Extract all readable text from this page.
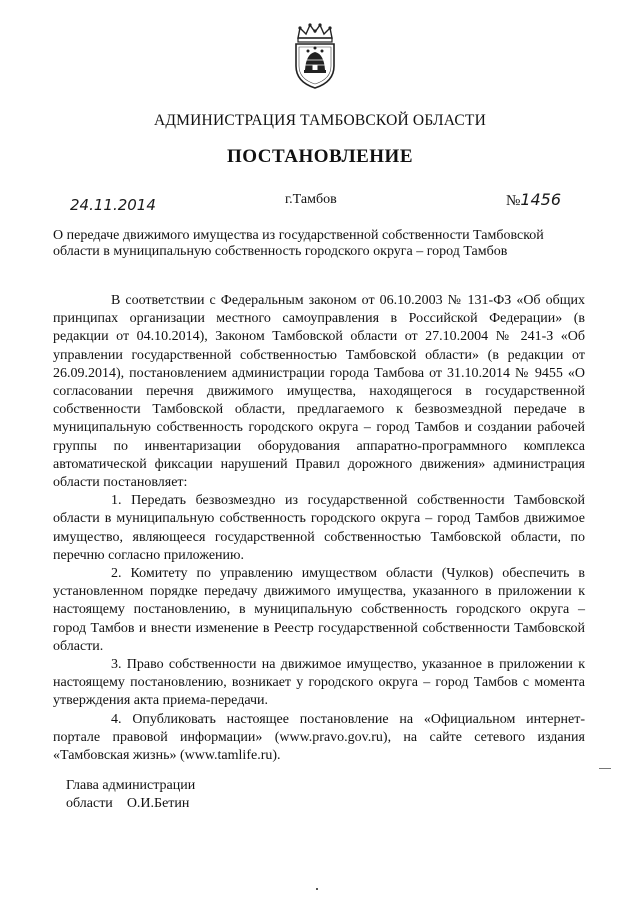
АДМИНИСТРАЦИЯ ТАМБОВСКОЙ ОБЛАСТИ
ПОСТАНОВЛЕНИЕ
24.11.2014	г.Тамбов	№1456
О передаче движимого имущества из государственной собственности Тамбовской области в муниципальную собственность городского округа – город Тамбов

В соответствии с Федеральным законом от 06.10.2003 № 131-ФЗ «Об общих принципах организации местного самоуправления в Российской Федерации» (в редакции от 04.10.2014), Законом Тамбовской области от 27.10.2004 № 241-З «Об управлении государственной собственностью Тамбовской области» (в редакции от 26.09.2014), постановлением администрации города Тамбова от 31.10.2014 № 9455 «О согласовании перечня движимого имущества, находящегося в государственной собственности Тамбовской области, предлагаемого к безвозмездной передаче в муниципальную собственность городского округа – город Тамбов и создании рабочей группы по инвентаризации оборудования аппаратно-программного комплекса автоматической фиксации нарушений Правил дорожного движения» администрация области постановляет:

1. Передать безвозмездно из государственной собственности Тамбовской области в муниципальную собственность городского округа – город Тамбов движимое имущество, являющееся государственной собственностью Тамбовской области, по перечню согласно приложению.

2. Комитету по управлению имуществом области (Чулков) обеспечить в установленном порядке передачу движимого имущества, указанного в приложении к настоящему постановлению, в муниципальную собственность городского округа – город Тамбов и внести изменение в Реестр государственной собственности Тамбовской области.

3. Право собственности на движимое имущество, указанное в приложении к настоящему постановлению, возникает у городского округа – город Тамбов с момента утверждения акта приема-передачи.

4. Опубликовать настоящее постановление на «Официальном интернет-портале правовой информации» (www.pravo.gov.ru), на сайте сетевого издания «Тамбовская жизнь» (www.tamlife.ru).

Глава администрации
области О.И.Бетин
